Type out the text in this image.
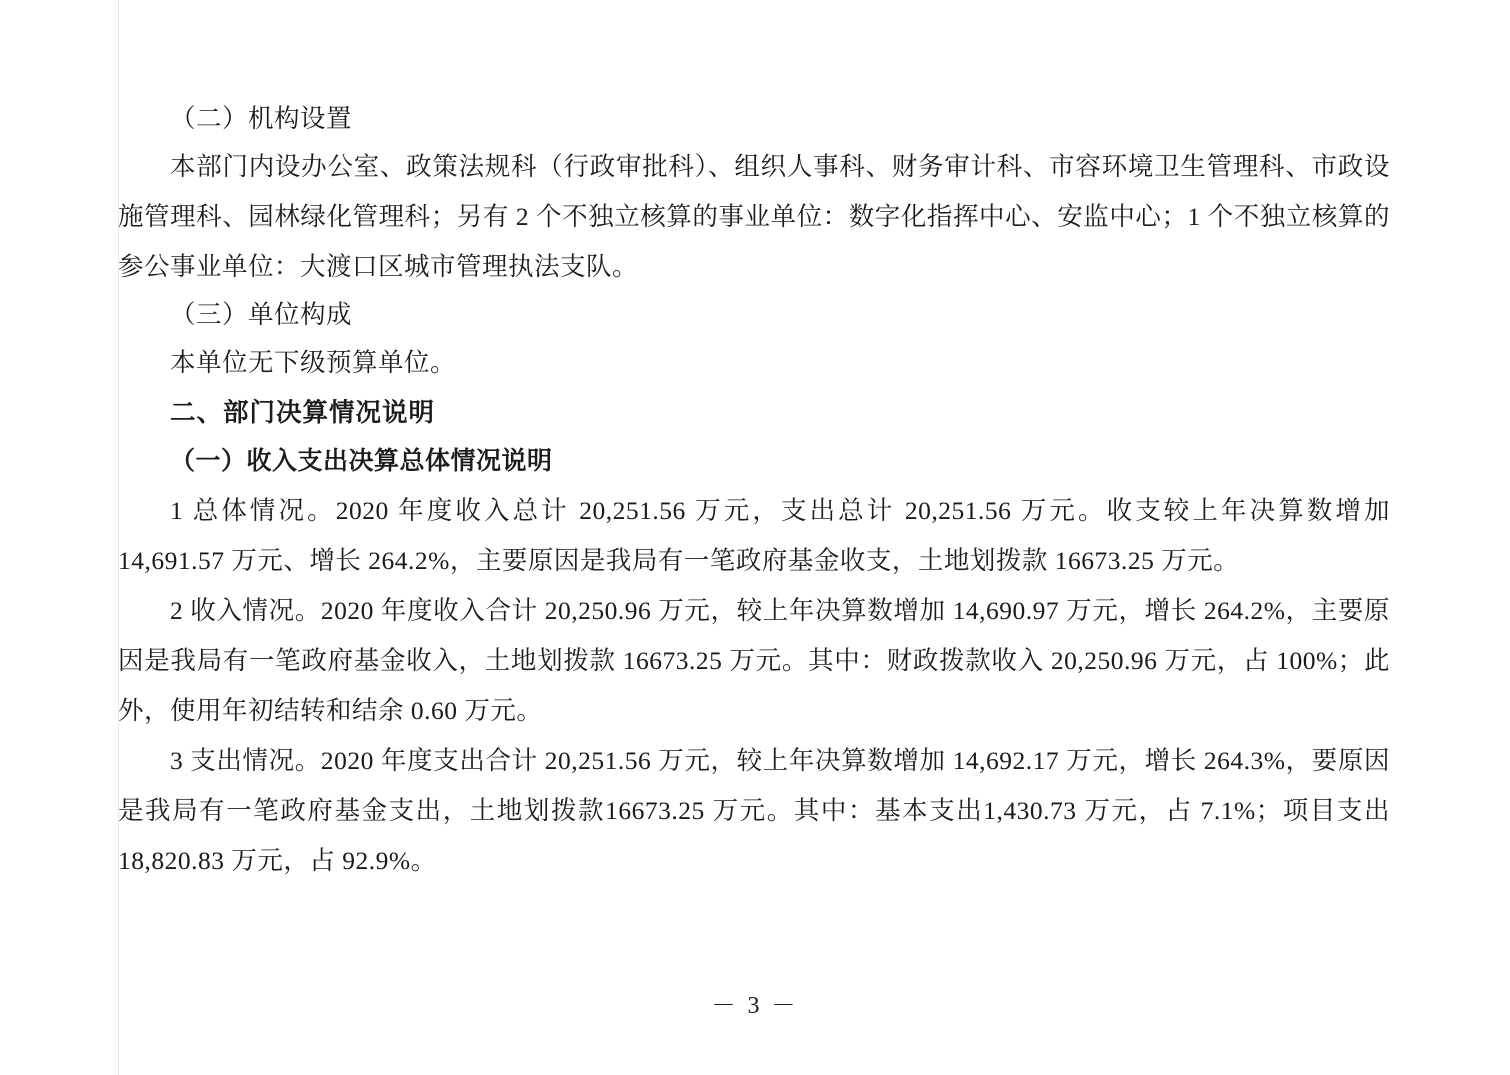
（二）机构设置

本部门内设办公室、政策法规科（行政审批科）、组织人事科、财务审计科、市容环境卫生管理科、市政设施管理科、园林绿化管理科；另有 2 个不独立核算的事业单位：数字化指挥中心、安监中心；1 个不独立核算的参公事业单位：大渡口区城市管理执法支队。

（三）单位构成

本单位无下级预算单位。

二、部门决算情况说明

（一）收入支出决算总体情况说明

1 总体情况。2020 年度收入总计 20,251.56 万元，支出总计 20,251.56 万元。收支较上年决算数增加 14,691.57 万元、增长 264.2%，主要原因是我局有一笔政府基金收支，土地划拨款 16673.25 万元。

2 收入情况。2020 年度收入合计 20,250.96 万元，较上年决算数增加 14,690.97 万元，增长 264.2%，主要原因是我局有一笔政府基金收入，土地划拨款 16673.25 万元。其中：财政拨款收入 20,250.96 万元，占 100%；此外，使用年初结转和结余 0.60 万元。

3 支出情况。2020 年度支出合计 20,251.56 万元，较上年决算数增加 14,692.17 万元，增长 264.3%，要原因是我局有一笔政府基金支出，土地划拨款16673.25 万元。其中：基本支出1,430.73 万元，占 7.1%；项目支出 18,820.83 万元，占 92.9%。

－ 3 －
